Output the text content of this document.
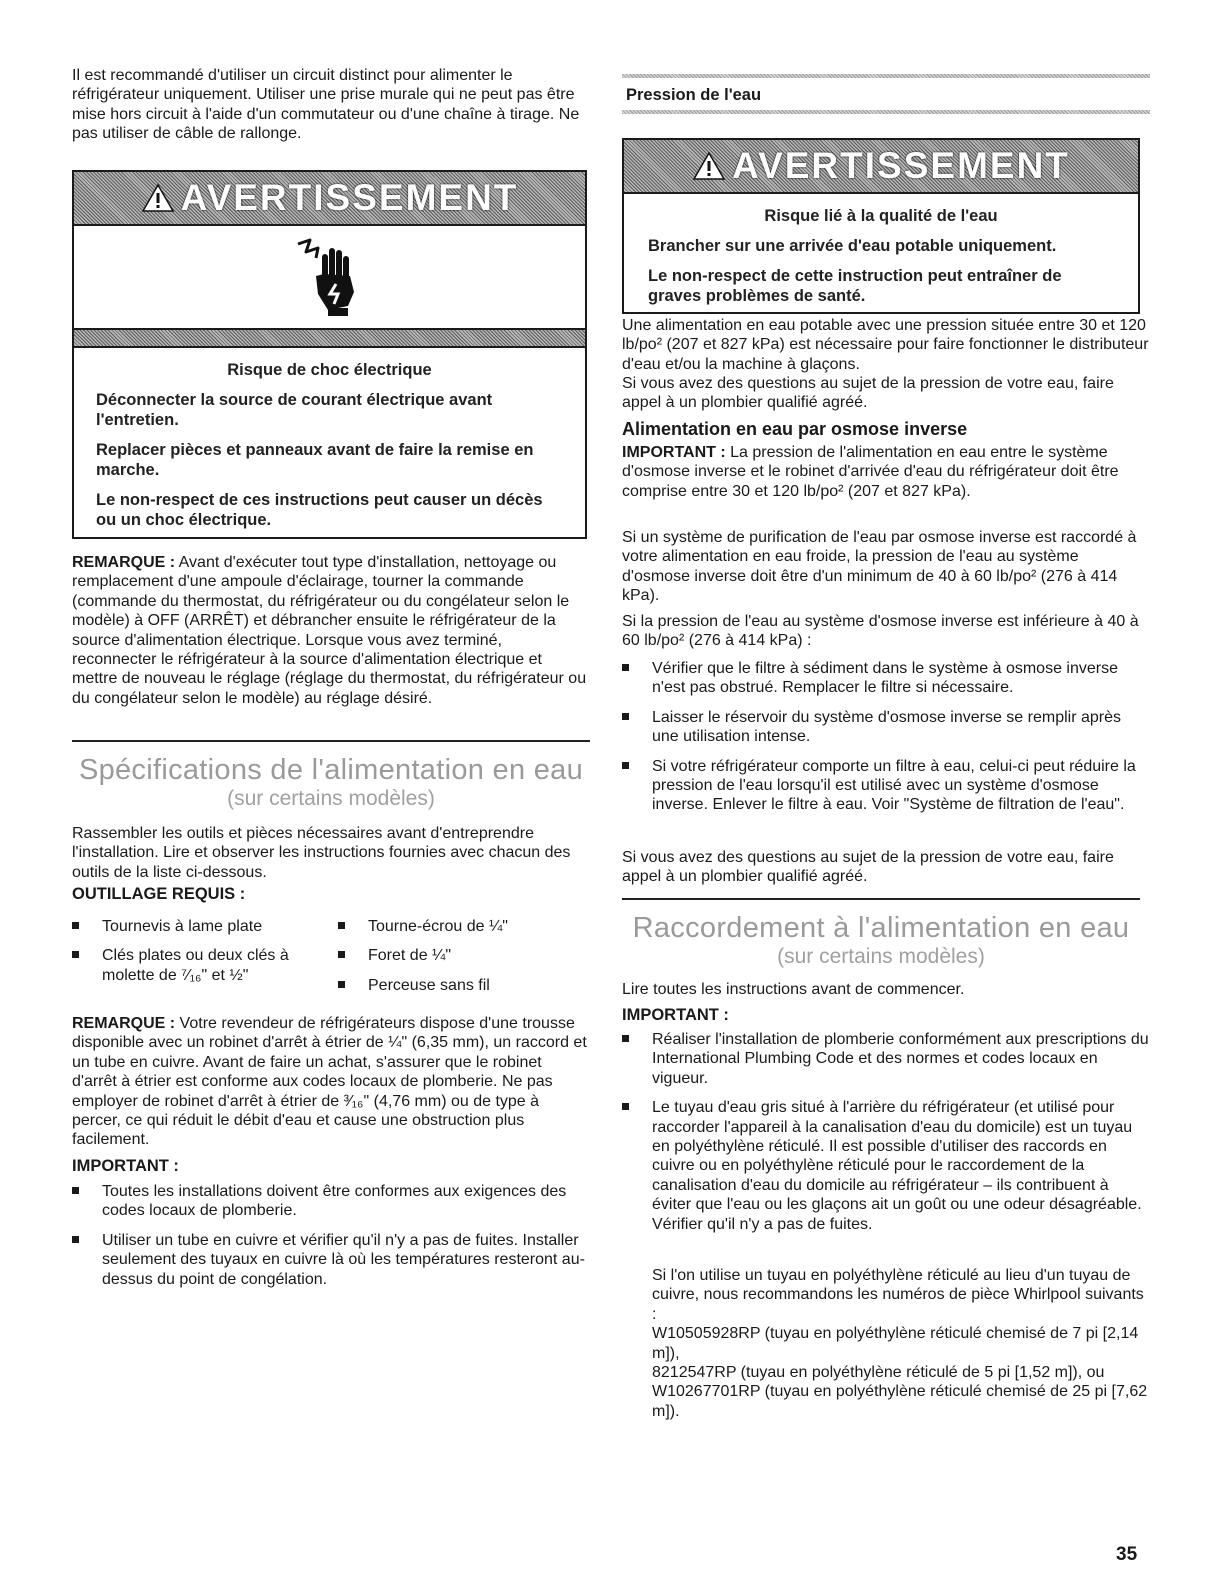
Il est recommandé d'utiliser un circuit distinct pour alimenter le réfrigérateur uniquement. Utiliser une prise murale qui ne peut pas être mise hors circuit à l'aide d'un commutateur ou d'une chaîne à tirage. Ne pas utiliser de câble de rallonge.

AVERTISSEMENT

Risque de choc électrique

Déconnecter la source de courant électrique avant l'entretien.

Replacer pièces et panneaux avant de faire la remise en marche.

Le non-respect de ces instructions peut causer un décès ou un choc électrique.

REMARQUE : Avant d'exécuter tout type d'installation, nettoyage ou remplacement d'une ampoule d'éclairage, tourner la commande (commande du thermostat, du réfrigérateur ou du congélateur selon le modèle) à OFF (ARRÊT) et débrancher ensuite le réfrigérateur de la source d'alimentation électrique. Lorsque vous avez terminé, reconnecter le réfrigérateur à la source d'alimentation électrique et mettre de nouveau le réglage (réglage du thermostat, du réfrigérateur ou du congélateur selon le modèle) au réglage désiré.

Spécifications de l'alimentation en eau
(sur certains modèles)

Rassembler les outils et pièces nécessaires avant d'entreprendre l'installation. Lire et observer les instructions fournies avec chacun des outils de la liste ci-dessous.

OUTILLAGE REQUIS :

Tournevis à lame plate
Clés plates ou deux clés à molette de ⁷⁄₁₆" et ½"
Tourne-écrou de ¼"
Foret de ¼"
Perceuse sans fil

REMARQUE : Votre revendeur de réfrigérateurs dispose d'une trousse disponible avec un robinet d'arrêt à étrier de ¼" (6,35 mm), un raccord et un tube en cuivre. Avant de faire un achat, s'assurer que le robinet d'arrêt à étrier est conforme aux codes locaux de plomberie. Ne pas employer de robinet d'arrêt à étrier de ³⁄₁₆" (4,76 mm) ou de type à percer, ce qui réduit le débit d'eau et cause une obstruction plus facilement.

IMPORTANT :

Toutes les installations doivent être conformes aux exigences des codes locaux de plomberie.
Utiliser un tube en cuivre et vérifier qu'il n'y a pas de fuites. Installer seulement des tuyaux en cuivre là où les températures resteront au-dessus du point de congélation.

Pression de l'eau

AVERTISSEMENT

Risque lié à la qualité de l'eau

Brancher sur une arrivée d'eau potable uniquement.

Le non-respect de cette instruction peut entraîner de graves problèmes de santé.

Une alimentation en eau potable avec une pression située entre 30 et 120 lb/po² (207 et 827 kPa) est nécessaire pour faire fonctionner le distributeur d'eau et/ou la machine à glaçons.

Si vous avez des questions au sujet de la pression de votre eau, faire appel à un plombier qualifié agréé.

Alimentation en eau par osmose inverse

IMPORTANT : La pression de l'alimentation en eau entre le système d'osmose inverse et le robinet d'arrivée d'eau du réfrigérateur doit être comprise entre 30 et 120 lb/po² (207 et 827 kPa).

Si un système de purification de l'eau par osmose inverse est raccordé à votre alimentation en eau froide, la pression de l'eau au système d'osmose inverse doit être d'un minimum de 40 à 60 lb/po² (276 à 414 kPa).

Si la pression de l'eau au système d'osmose inverse est inférieure à 40 à 60 lb/po² (276 à 414 kPa) :

Vérifier que le filtre à sédiment dans le système à osmose inverse n'est pas obstrué. Remplacer le filtre si nécessaire.
Laisser le réservoir du système d'osmose inverse se remplir après une utilisation intense.
Si votre réfrigérateur comporte un filtre à eau, celui-ci peut réduire la pression de l'eau lorsqu'il est utilisé avec un système d'osmose inverse. Enlever le filtre à eau. Voir "Système de filtration de l'eau".

Si vous avez des questions au sujet de la pression de votre eau, faire appel à un plombier qualifié agréé.

Raccordement à l'alimentation en eau
(sur certains modèles)

Lire toutes les instructions avant de commencer.

IMPORTANT :

Réaliser l'installation de plomberie conformément aux prescriptions du International Plumbing Code et des normes et codes locaux en vigueur.
Le tuyau d'eau gris situé à l'arrière du réfrigérateur (et utilisé pour raccorder l'appareil à la canalisation d'eau du domicile) est un tuyau en polyéthylène réticulé. Il est possible d'utiliser des raccords en cuivre ou en polyéthylène réticulé pour le raccordement de la canalisation d'eau du domicile au réfrigérateur – ils contribuent à éviter que l'eau ou les glaçons ait un goût ou une odeur désagréable. Vérifier qu'il n'y a pas de fuites.

Si l'on utilise un tuyau en polyéthylène réticulé au lieu d'un tuyau de cuivre, nous recommandons les numéros de pièce Whirlpool suivants :

W10505928RP (tuyau en polyéthylène réticulé chemisé de 7 pi [2,14 m]),

8212547RP (tuyau en polyéthylène réticulé de 5 pi [1,52 m]), ou

W10267701RP (tuyau en polyéthylène réticulé chemisé de 25 pi [7,62 m]).

35
